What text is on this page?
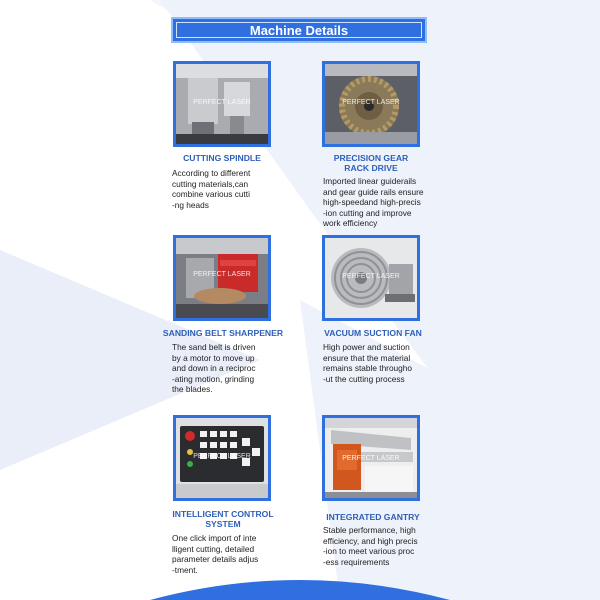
Machine Details
PERFECT LASER
CUTTING SPINDLE
According to different
cutting materials,can
combine various cutti
-ng heads
PERFECT LASER
PRECISION GEAR
RACK DRIVE
Imported linear guiderails
and gear guide rails ensure
high-speedand high-precis
-ion cutting and improve
work efficiency
PERFECT LASER
SANDING BELT SHARPENER
The sand belt is driven
by a motor to move up
and down in a reciproc
-ating motion, grinding
the blades.
PERFECT LASER
VACUUM SUCTION FAN
High power and suction
ensure that the material
remains stable througho
-ut the cutting process
PERFECT LASER
INTELLIGENT CONTROL
SYSTEM
One click import of inte
lligent cutting, detailed
parameter details adjus
-tment.
PERFECT LASER
INTEGRATED GANTRY
Stable performance, high
efficiency, and high precis
-ion to meet various proc
-ess requirements
